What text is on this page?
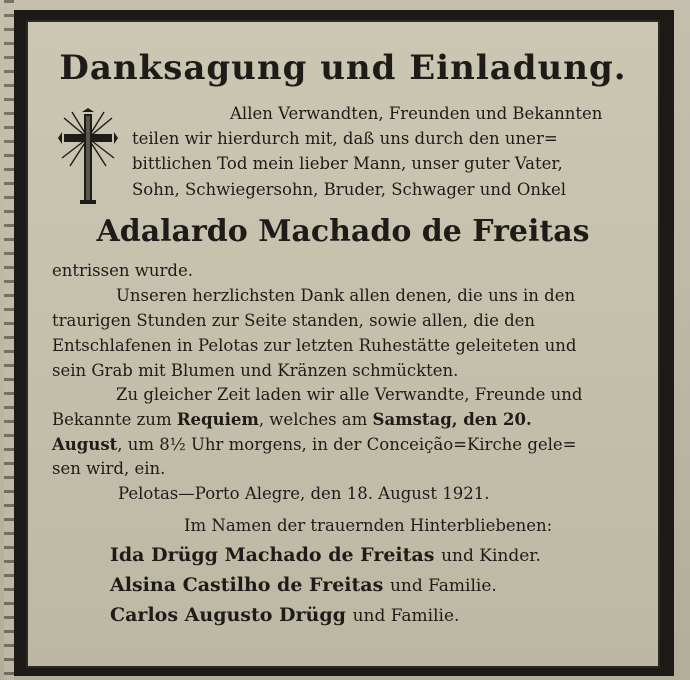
Danksagung und Einladung.

Allen Verwandten, Freunden und Bekannten

teilen wir hierdurch mit, daß uns durch den uner=

bittlichen Tod mein lieber Mann, unser guter Vater,

Sohn, Schwiegersohn, Bruder, Schwager und Onkel

Adalardo Machado de Freitas

entrissen wurde.

Unseren herzlichsten Dank allen denen, die uns in den

traurigen Stunden zur Seite standen, sowie allen, die den

Entschlafenen in Pelotas zur letzten Ruhestätte geleiteten und

sein Grab mit Blumen und Kränzen schmückten.

Zu gleicher Zeit laden wir alle Verwandte, Freunde und

Bekannte zum Requiem, welches am Samstag, den 20.

August, um 8½ Uhr morgens, in der Conceição=Kirche gele=

sen wird, ein.

Pelotas—Porto Alegre, den 18. August 1921.

Im Namen der trauernden Hinterbliebenen:

Ida Drügg Machado de Freitas und Kinder.

Alsina Castilho de Freitas und Familie.

Carlos Augusto Drügg und Familie.
